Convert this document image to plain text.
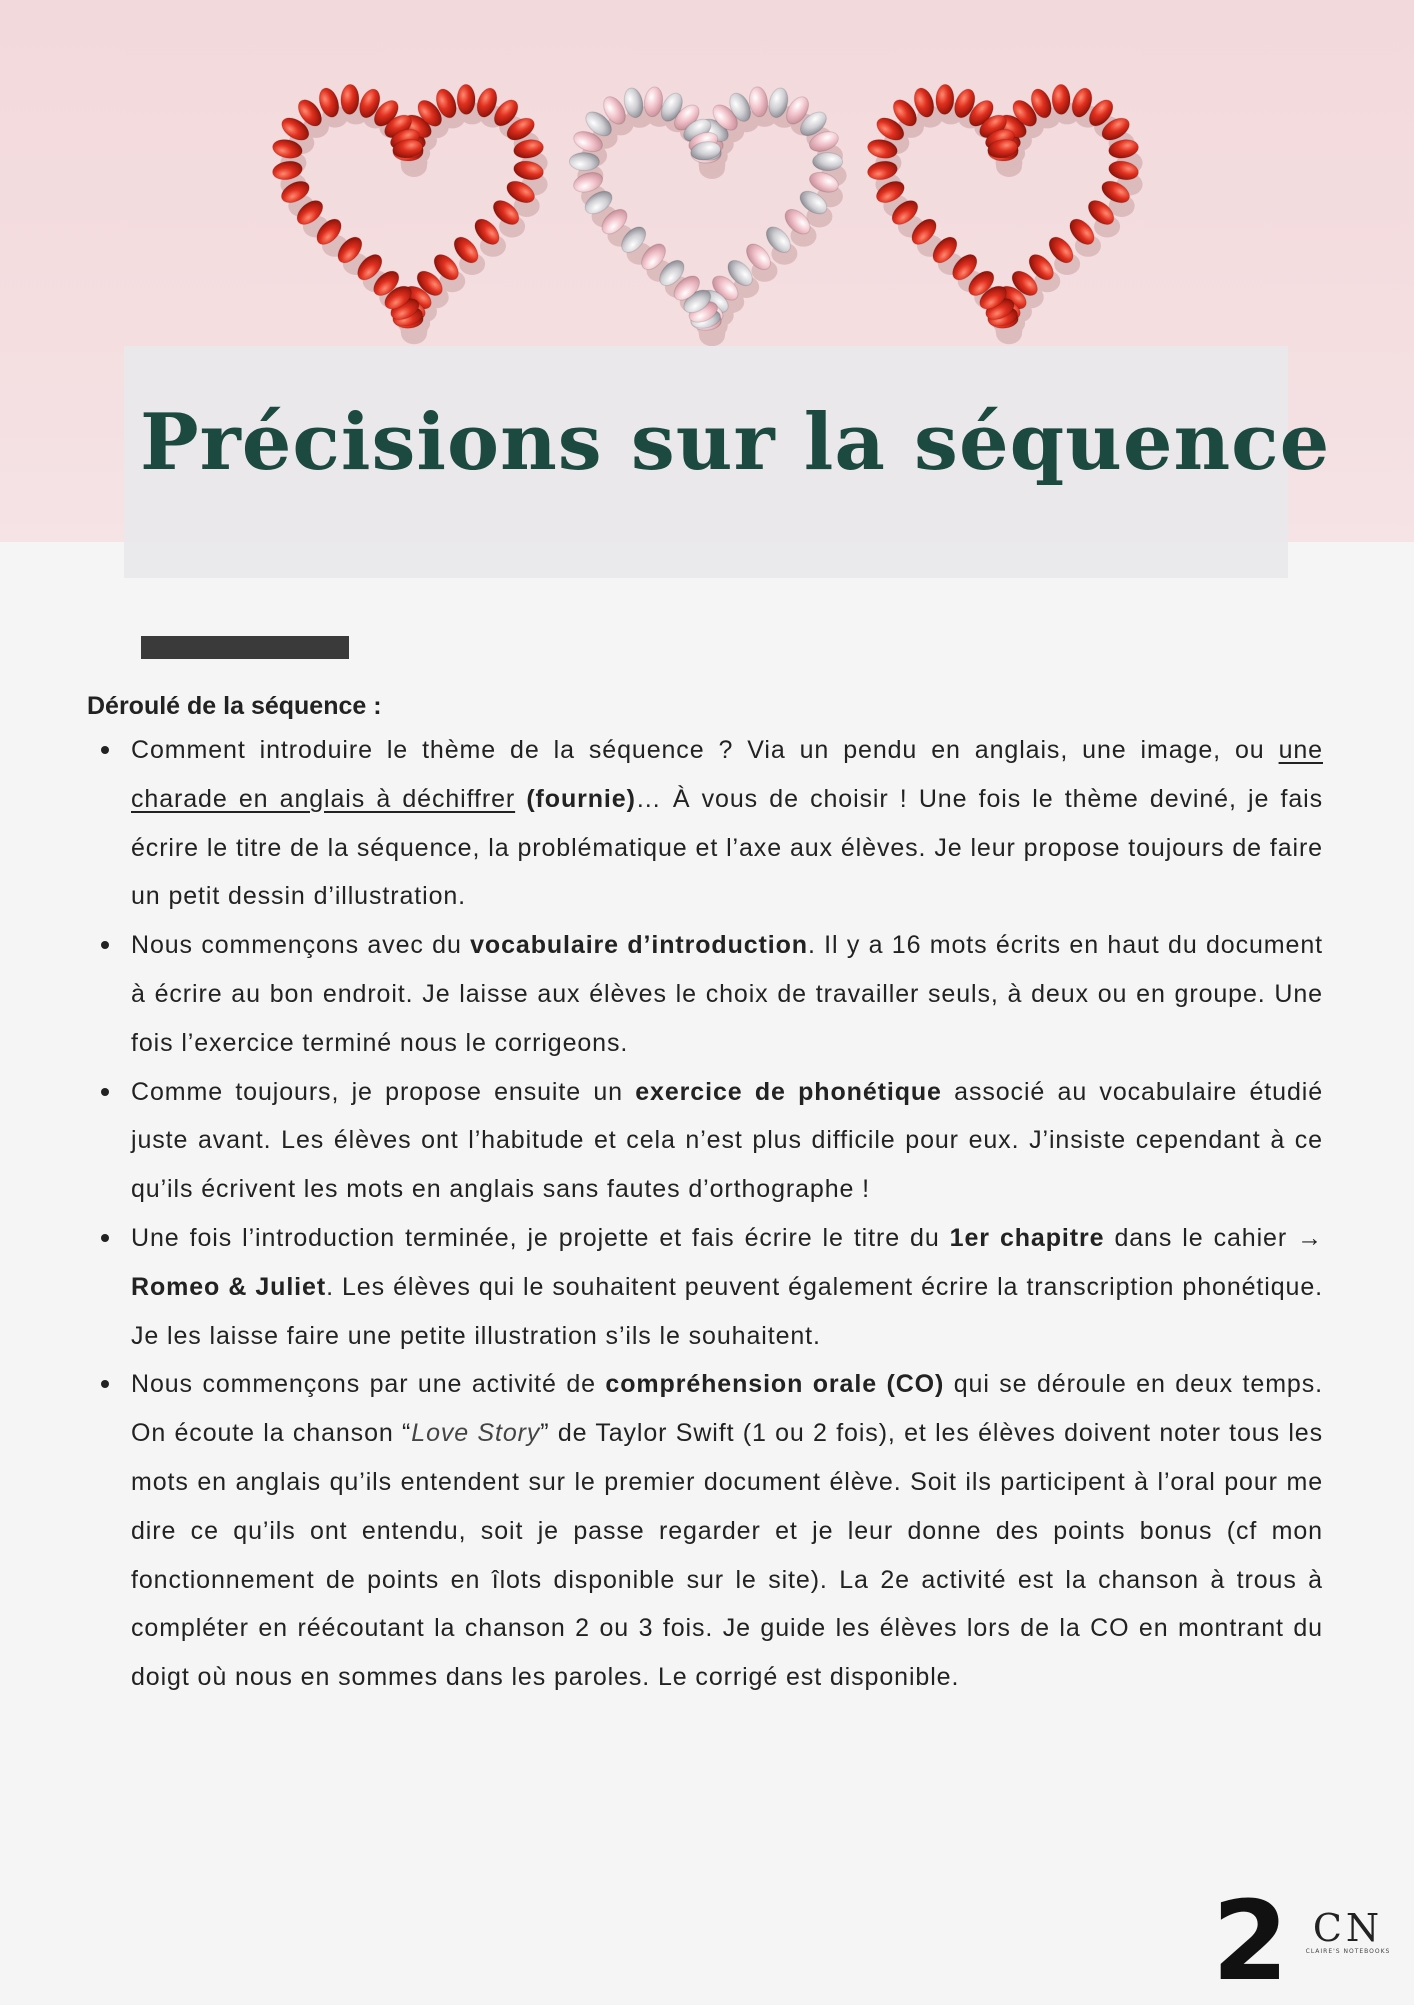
Précisions sur la séquence

Déroulé de la séquence :

Comment introduire le thème de la séquence ? Via un pendu en anglais, une image, ou une charade en anglais à déchiffrer (fournie)… À vous de choisir ! Une fois le thème deviné, je fais écrire le titre de la séquence, la problématique et l’axe aux élèves. Je leur propose toujours de faire un petit dessin d’illustration.
Nous commençons avec du vocabulaire d’introduction. Il y a 16 mots écrits en haut du document à écrire au bon endroit. Je laisse aux élèves le choix de travailler seuls, à deux ou en groupe. Une fois l’exercice terminé nous le corrigeons.
Comme toujours, je propose ensuite un exercice de phonétique associé au vocabulaire étudié juste avant. Les élèves ont l’habitude et cela n’est plus difficile pour eux. J’insiste cependant à ce qu’ils écrivent les mots en anglais sans fautes d’orthographe !
Une fois l’introduction terminée, je projette et fais écrire le titre du 1er chapitre dans le cahier → Romeo & Juliet. Les élèves qui le souhaitent peuvent également écrire la transcription phonétique. Je les laisse faire une petite illustration s’ils le souhaitent.
Nous commençons par une activité de compréhension orale (CO) qui se déroule en deux temps. On écoute la chanson “Love Story” de Taylor Swift (1 ou 2 fois), et les élèves doivent noter tous les mots en anglais qu’ils entendent sur le premier document élève. Soit ils participent à l’oral pour me dire ce qu’ils ont entendu, soit je passe regarder et je leur donne des points bonus (cf mon fonctionnement de points en îlots disponible sur le site). La 2e activité est la chanson à trous à compléter en réécoutant la chanson 2 ou 3 fois. Je guide les élèves lors de la CO en montrant du doigt où nous en sommes dans les paroles. Le corrigé est disponible.
2 CN
CLAIRE'S NOTEBOOKS
